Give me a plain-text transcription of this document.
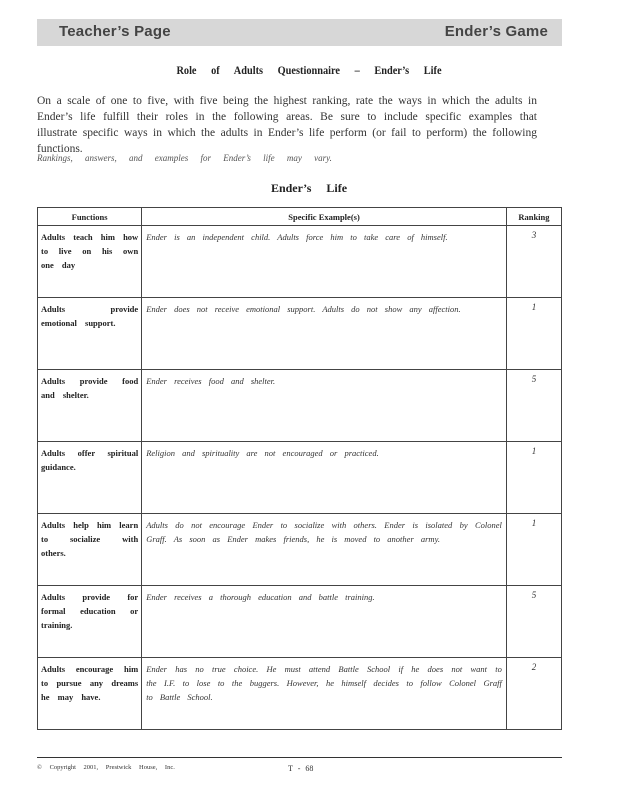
Teacher’s Page	Ender’s Game
Role of Adults Questionnaire – Ender’s Life
On a scale of one to five, with five being the highest ranking, rate the ways in which the adults in Ender’s life fulfill their roles in the following areas. Be sure to include specific examples that illustrate specific ways in which the adults in Ender’s life perform (or fail to perform) the following functions.
Rankings, answers, and examples for Ender’s life may vary.
Ender’s Life
Functions	Specific Example(s)	Ranking

Adults teach him how to live on his own one day	Ender is an independent child. Adults force him to take care of himself.	3

Adults provide emotional support.	Ender does not receive emotional support. Adults do not show any affection.	1

Adults provide food and shelter.	Ender receives food and shelter.	5

Adults offer spiritual guidance.	Religion and spirituality are not encouraged or practiced.	1

Adults help him learn to socialize with others.	Adults do not encourage Ender to socialize with others. Ender is isolated by Colonel Graff. As soon as Ender makes friends, he is moved to another army.	1

Adults provide for formal education or training.	Ender receives a thorough education and battle training.	5

Adults encourage him to pursue any dreams he may have.	Ender has no true choice. He must attend Battle School if he does not want to the I.F. to lose to the buggers. However, he himself decides to follow Colonel Graff to Battle School.	2
© Copyright 2001, Prestwick House, Inc.	T - 68
